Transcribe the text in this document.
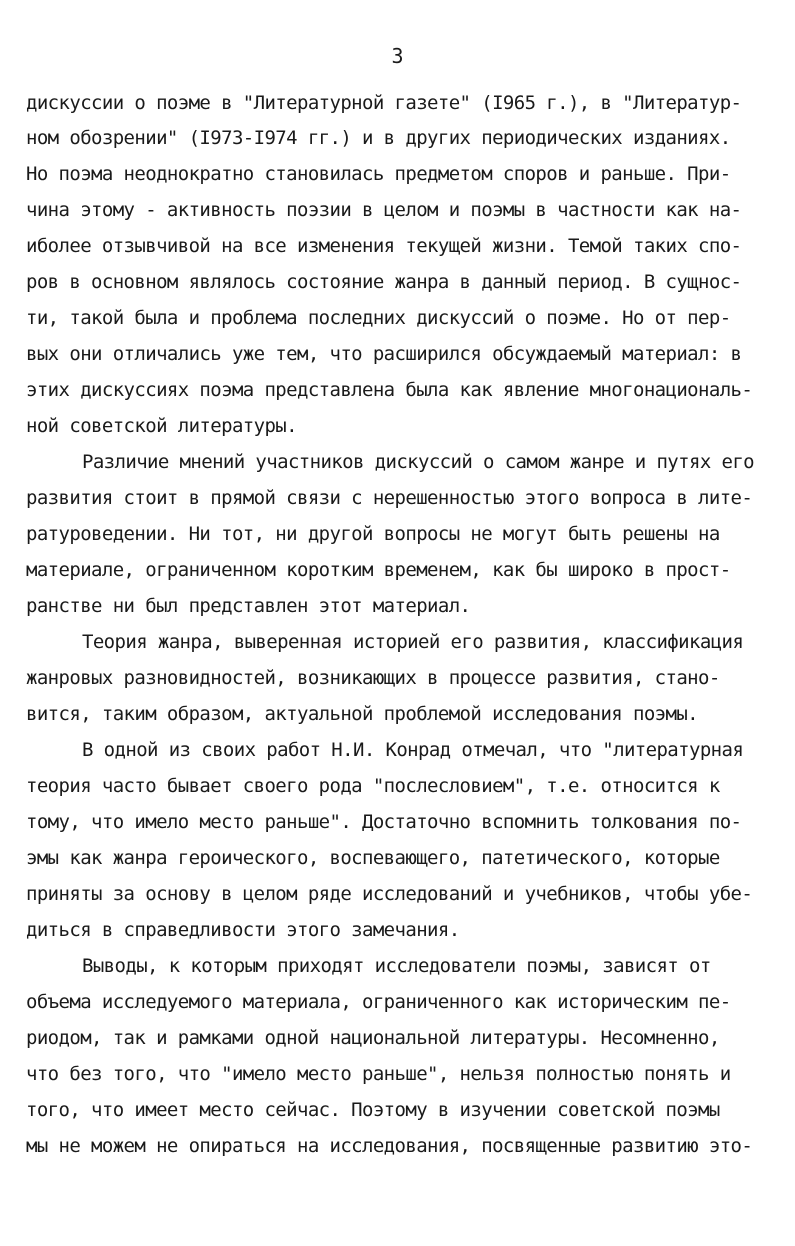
3
дискуссии о поэме в "Литературной газете" (I965 г.), в "Литератур-
ном обозрении" (I973-I974 гг.) и в других периодических изданиях.
Но поэма неоднократно становилась предметом споров и раньше. При-
чина этому - активность поэзии в целом и поэмы в частности как на-
иболее отзывчивой на все изменения текущей жизни. Темой таких спо-
ров в основном являлось состояние жанра в данный период. В сущнос-
ти, такой была и проблема последних дискуссий о поэме. Но от пер-
вых они отличались уже тем, что расширился обсуждаемый материал: в
этих дискуссиях поэма представлена была как явление многонациональ-
ной советской литературы.
Различие мнений участников дискуссий о самом жанре и путях его
развития стоит в прямой связи с нерешенностью этого вопроса в лите-
ратуроведении. Ни тот, ни другой вопросы не могут быть решены на
материале, ограниченном коротким временем, как бы широко в прост-
ранстве ни был представлен этот материал.
Теория жанра, выверенная историей его развития, классификация
жанровых разновидностей, возникающих в процессе развития, стано-
вится, таким образом, актуальной проблемой исследования поэмы.
В одной из своих работ Н.И. Конрад отмечал, что "литературная
теория часто бывает своего рода "послесловием", т.е. относится к
тому, что имело место раньше". Достаточно вспомнить толкования по-
эмы как жанра героического, воспевающего, патетического, которые
приняты за основу в целом ряде исследований и учебников, чтобы убе-
диться в справедливости этого замечания.
Выводы, к которым приходят исследователи поэмы, зависят от
объема исследуемого материала, ограниченного как историческим пе-
риодом, так и рамками одной национальной литературы. Несомненно,
что без того, что "имело место раньше", нельзя полностью понять и
того, что имеет место сейчас. Поэтому в изучении советской поэмы
мы не можем не опираться на исследования, посвященные развитию это-
